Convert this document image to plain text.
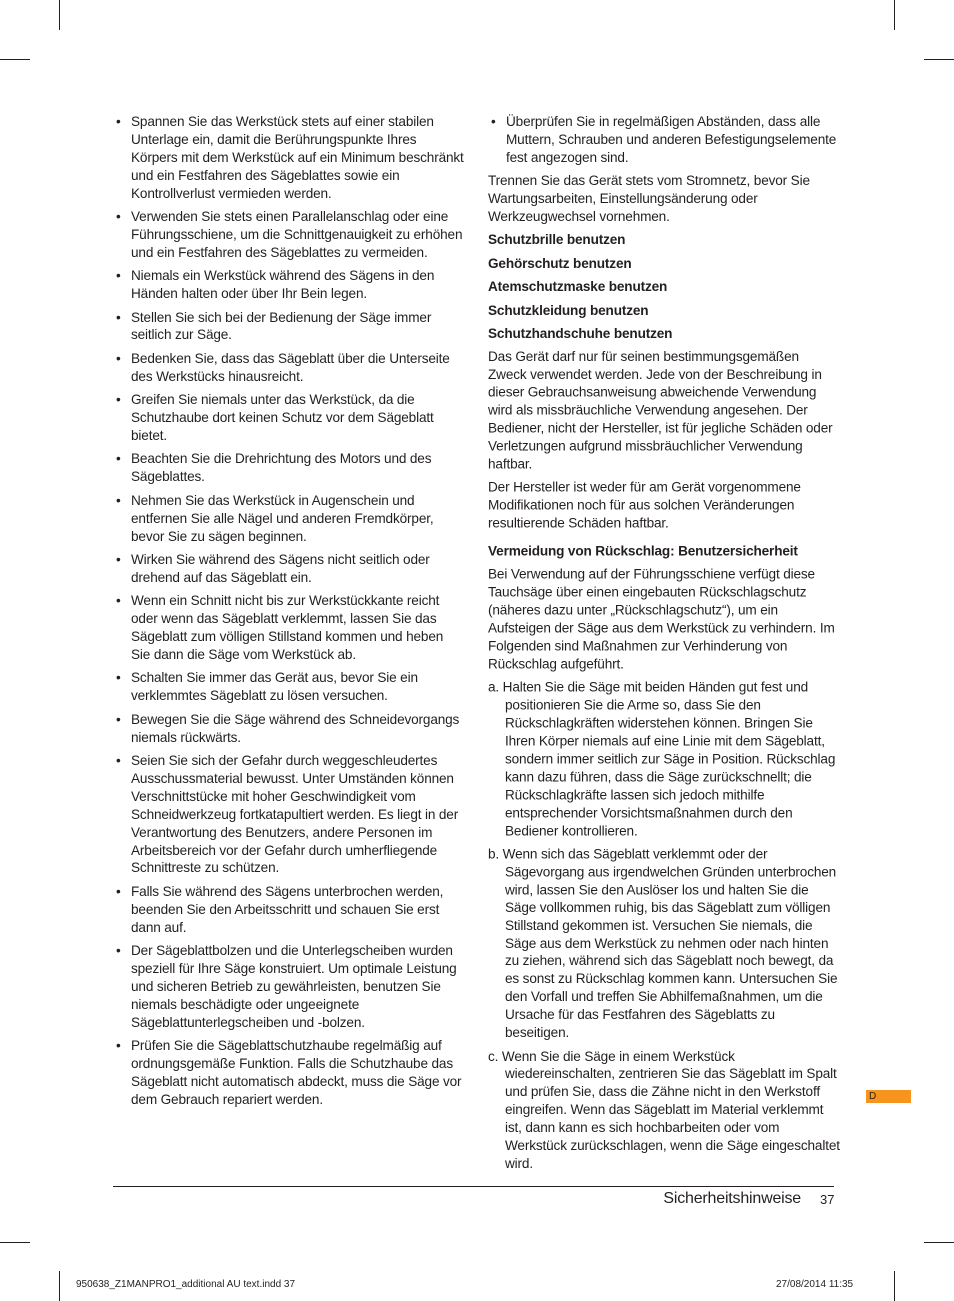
• Spannen Sie das Werkstück stets auf einer stabilen Unterlage ein, damit die Berührungspunkte Ihres Körpers mit dem Werkstück auf ein Minimum beschränkt und ein Festfahren des Sägeblattes sowie ein Kontrollverlust vermieden werden.
• Verwenden Sie stets einen Parallelanschlag oder eine Führungsschiene, um die Schnittgenauigkeit zu erhöhen und ein Festfahren des Sägeblattes zu vermeiden.
• Niemals ein Werkstück während des Sägens in den Händen halten oder über Ihr Bein legen.
• Stellen Sie sich bei der Bedienung der Säge immer seitlich zur Säge.
• Bedenken Sie, dass das Sägeblatt über die Unterseite des Werkstücks hinausreicht.
• Greifen Sie niemals unter das Werkstück, da die Schutzhaube dort keinen Schutz vor dem Sägeblatt bietet.
• Beachten Sie die Drehrichtung des Motors und des Sägeblattes.
• Nehmen Sie das Werkstück in Augenschein und entfernen Sie alle Nägel und anderen Fremdkörper, bevor Sie zu sägen beginnen.
• Wirken Sie während des Sägens nicht seitlich oder drehend auf das Sägeblatt ein.
• Wenn ein Schnitt nicht bis zur Werkstückkante reicht oder wenn das Sägeblatt verklemmt, lassen Sie das Sägeblatt zum völligen Stillstand kommen und heben Sie dann die Säge vom Werkstück ab.
• Schalten Sie immer das Gerät aus, bevor Sie ein verklemmtes Sägeblatt zu lösen versuchen.
• Bewegen Sie die Säge während des Schneidevorgangs niemals rückwärts.
• Seien Sie sich der Gefahr durch weggeschleudertes Ausschussmaterial bewusst. Unter Umständen können Verschnittstücke mit hoher Geschwindigkeit vom Schneidwerkzeug fortkatapultiert werden. Es liegt in der Verantwortung des Benutzers, andere Personen im Arbeitsbereich vor der Gefahr durch umherfliegende Schnittreste zu schützen.
• Falls Sie während des Sägens unterbrochen werden, beenden Sie den Arbeitsschritt und schauen Sie erst dann auf.
• Der Sägeblattbolzen und die Unterlegscheiben wurden speziell für Ihre Säge konstruiert. Um optimale Leistung und sicheren Betrieb zu gewährleisten, benutzen Sie niemals beschädigte oder ungeeignete Sägeblattunterlegscheiben und -bolzen.
• Prüfen Sie die Sägeblattschutzhaube regelmäßig auf ordnungsgemäße Funktion. Falls die Schutzhaube das Sägeblatt nicht automatisch abdeckt, muss die Säge vor dem Gebrauch repariert werden.
• Überprüfen Sie in regelmäßigen Abständen, dass alle Muttern, Schrauben und anderen Befestigungselemente fest angezogen sind.

Trennen Sie das Gerät stets vom Stromnetz, bevor Sie Wartungsarbeiten, Einstellungsänderung oder Werkzeugwechsel vornehmen.

Schutzbrille benutzen

Gehörschutz benutzen

Atemschutzmaske benutzen

Schutzkleidung benutzen

Schutzhandschuhe benutzen

Das Gerät darf nur für seinen bestimmungsgemäßen Zweck verwendet werden. Jede von der Beschreibung in dieser Gebrauchsanweisung abweichende Verwendung wird als missbräuchliche Verwendung angesehen. Der Bediener, nicht der Hersteller, ist für jegliche Schäden oder Verletzungen aufgrund missbräuchlicher Verwendung haftbar.

Der Hersteller ist weder für am Gerät vorgenommene Modifikationen noch für aus solchen Veränderungen resultierende Schäden haftbar.

Vermeidung von Rückschlag: Benutzersicherheit

Bei Verwendung auf der Führungsschiene verfügt diese Tauchsäge über einen eingebauten Rückschlagschutz (näheres dazu unter „Rückschlagschutz“), um ein Aufsteigen der Säge aus dem Werkstück zu verhindern. Im Folgenden sind Maßnahmen zur Verhinderung von Rückschlag aufgeführt.

a. Halten Sie die Säge mit beiden Händen gut fest und positionieren Sie die Arme so, dass Sie den Rückschlagkräften widerstehen können. Bringen Sie Ihren Körper niemals auf eine Linie mit dem Sägeblatt, sondern immer seitlich zur Säge in Position. Rückschlag kann dazu führen, dass die Säge zurückschnellt; die Rückschlagkräfte lassen sich jedoch mithilfe entsprechender Vorsichtsmaßnahmen durch den Bediener kontrollieren.

b. Wenn sich das Sägeblatt verklemmt oder der Sägevorgang aus irgendwelchen Gründen unterbrochen wird, lassen Sie den Auslöser los und halten Sie die Säge vollkommen ruhig, bis das Sägeblatt zum völligen Stillstand gekommen ist. Versuchen Sie niemals, die Säge aus dem Werkstück zu nehmen oder nach hinten zu ziehen, während sich das Sägeblatt noch bewegt, da es sonst zu Rückschlag kommen kann. Untersuchen Sie den Vorfall und treffen Sie Abhilfemaßnahmen, um die Ursache für das Festfahren des Sägeblatts zu beseitigen.

c. Wenn Sie die Säge in einem Werkstück wiedereinschalten, zentrieren Sie das Sägeblatt im Spalt und prüfen Sie, dass die Zähne nicht in den Werkstoff eingreifen. Wenn das Sägeblatt im Material verklemmt ist, dann kann es sich hochbarbeiten oder vom Werkstück zurückschlagen, wenn die Säge eingeschaltet wird.

D
Sicherheitshinweise 37
950638_Z1MANPRO1_additional AU text.indd 37	27/08/2014 11:35
